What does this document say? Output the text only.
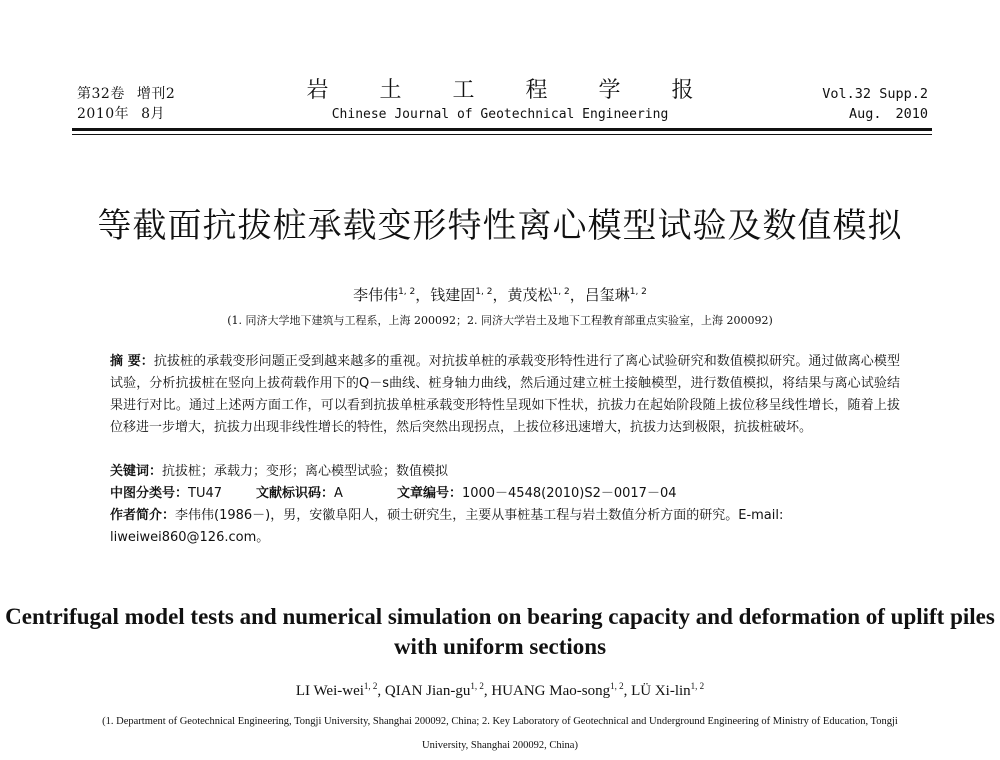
第32卷 增刊2
2010年 8月
岩 土 工 程 学 报
Chinese Journal of Geotechnical Engineering
Vol.32 Supp.2
Aug. 2010
等截面抗拔桩承载变形特性离心模型试验及数值模拟
李伟伟$^{1, 2}$，钱建固$^{1, 2}$，黄茂松$^{1, 2}$，吕玺琳$^{1, 2}$
(1. 同济大学地下建筑与工程系，上海 200092；2. 同济大学岩土及地下工程教育部重点实验室，上海 200092)
摘 要：抗拔桩的承载变形问题正受到越来越多的重视。对抗拔单桩的承载变形特性进行了离心试验研究和数值模拟研究。通过做离心模型试验，分析抗拔桩在竖向上拔荷载作用下的Q－s曲线、桩身轴力曲线，然后通过建立桩土接触模型，进行数值模拟，将结果与离心试验结果进行对比。通过上述两方面工作，可以看到抗拔单桩承载变形特性呈现如下性状，抗拔力在起始阶段随上拔位移呈线性增长，随着上拔位移进一步增大，抗拔力出现非线性增长的特性，然后突然出现拐点，上拔位移迅速增大，抗拔力达到极限，抗拔桩破坏。
关键词：抗拔桩；承载力；变形；离心模型试验；数值模拟
中图分类号：TU47	文献标识码：A	文章编号：1000－4548(2010)S2－0017－04
作者简介：李伟伟(1986－)，男，安徽阜阳人，硕士研究生，主要从事桩基工程与岩土数值分析方面的研究。E-mail: liweiwei860@126.com。
Centrifugal model tests and numerical simulation on bearing capacity and deformation of uplift piles with uniform sections
LI Wei-wei$^{1, 2}$, QIAN Jian-gu$^{1, 2}$, HUANG Mao-song$^{1, 2}$, LÜ Xi-lin$^{1, 2}$
(1. Department of Geotechnical Engineering, Tongji University, Shanghai 200092, China; 2. Key Laboratory of Geotechnical and Underground Engineering of Ministry of Education, Tongji University, Shanghai 200092, China)
